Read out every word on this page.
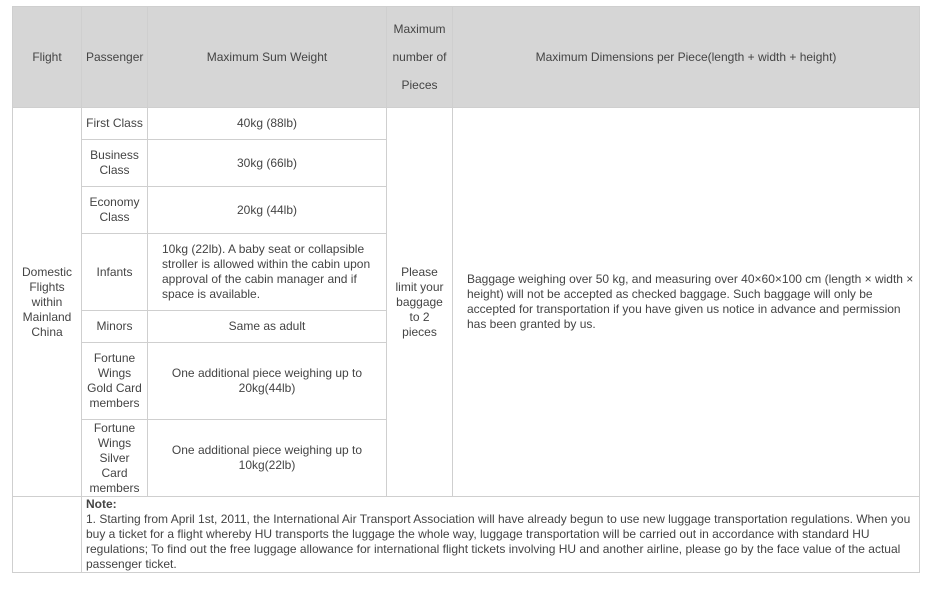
Flight	Passenger	Maximum Sum Weight	Maximum number of Pieces	Maximum Dimensions per Piece(length + width + height)
Domestic Flights within Mainland China	First Class	40kg (88lb)	Please limit your baggage to 2 pieces	Baggage weighing over 50 kg, and measuring over 40×60×100 cm (length × width × height) will not be accepted as checked baggage. Such baggage will only be accepted for transportation if you have given us notice in advance and permission has been granted by us.
	Business Class	30kg (66lb)		
	Economy Class	20kg (44lb)		
	Infants	10kg (22lb). A baby seat or collapsible stroller is allowed within the cabin upon approval of the cabin manager and if space is available.		
	Minors	Same as adult		
	Fortune Wings Gold Card members	One additional piece weighing up to 20kg(44lb)		
	Fortune Wings Silver Card members	One additional piece weighing up to 10kg(22lb)		

	Note:
1. Starting from April 1st, 2011, the International Air Transport Association will have already begun to use new luggage transportation regulations. When you buy a ticket for a flight whereby HU transports the luggage the whole way, luggage transportation will be carried out in accordance with standard HU regulations; To find out the free luggage allowance for international flight tickets involving HU and another airline, please go by the face value of the actual passenger ticket.			
